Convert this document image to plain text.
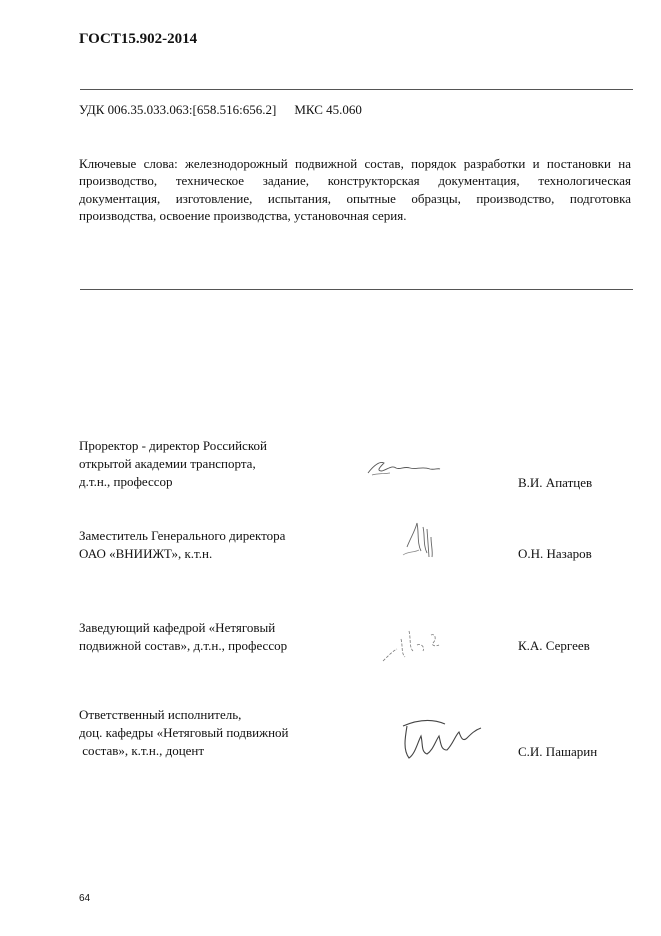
ГОСТ15.902-2014
УДК 006.35.033.063:[658.516:656.2] МКС 45.060

Ключевые слова: железнодорожный подвижной состав, порядок разработки и постановки на производство, техническое задание, конструкторская документация, технологическая документация, изготовление, испытания, опытные образцы, производство, подготовка производства, освоение производства, установочная серия.

Проректор - директор Российской
открытой академии транспорта,
д.т.н., профессор	В.И. Апатцев

Заместитель Генерального директора
ОАО «ВНИИЖТ», к.т.н.	О.Н. Назаров

Заведующий кафедрой «Нетяговый
подвижной состав», д.т.н., профессор	К.А. Сергеев

Ответственный исполнитель,
доц. кафедры «Нетяговый подвижной
состав», к.т.н., доцент	С.И. Пашарин
64
